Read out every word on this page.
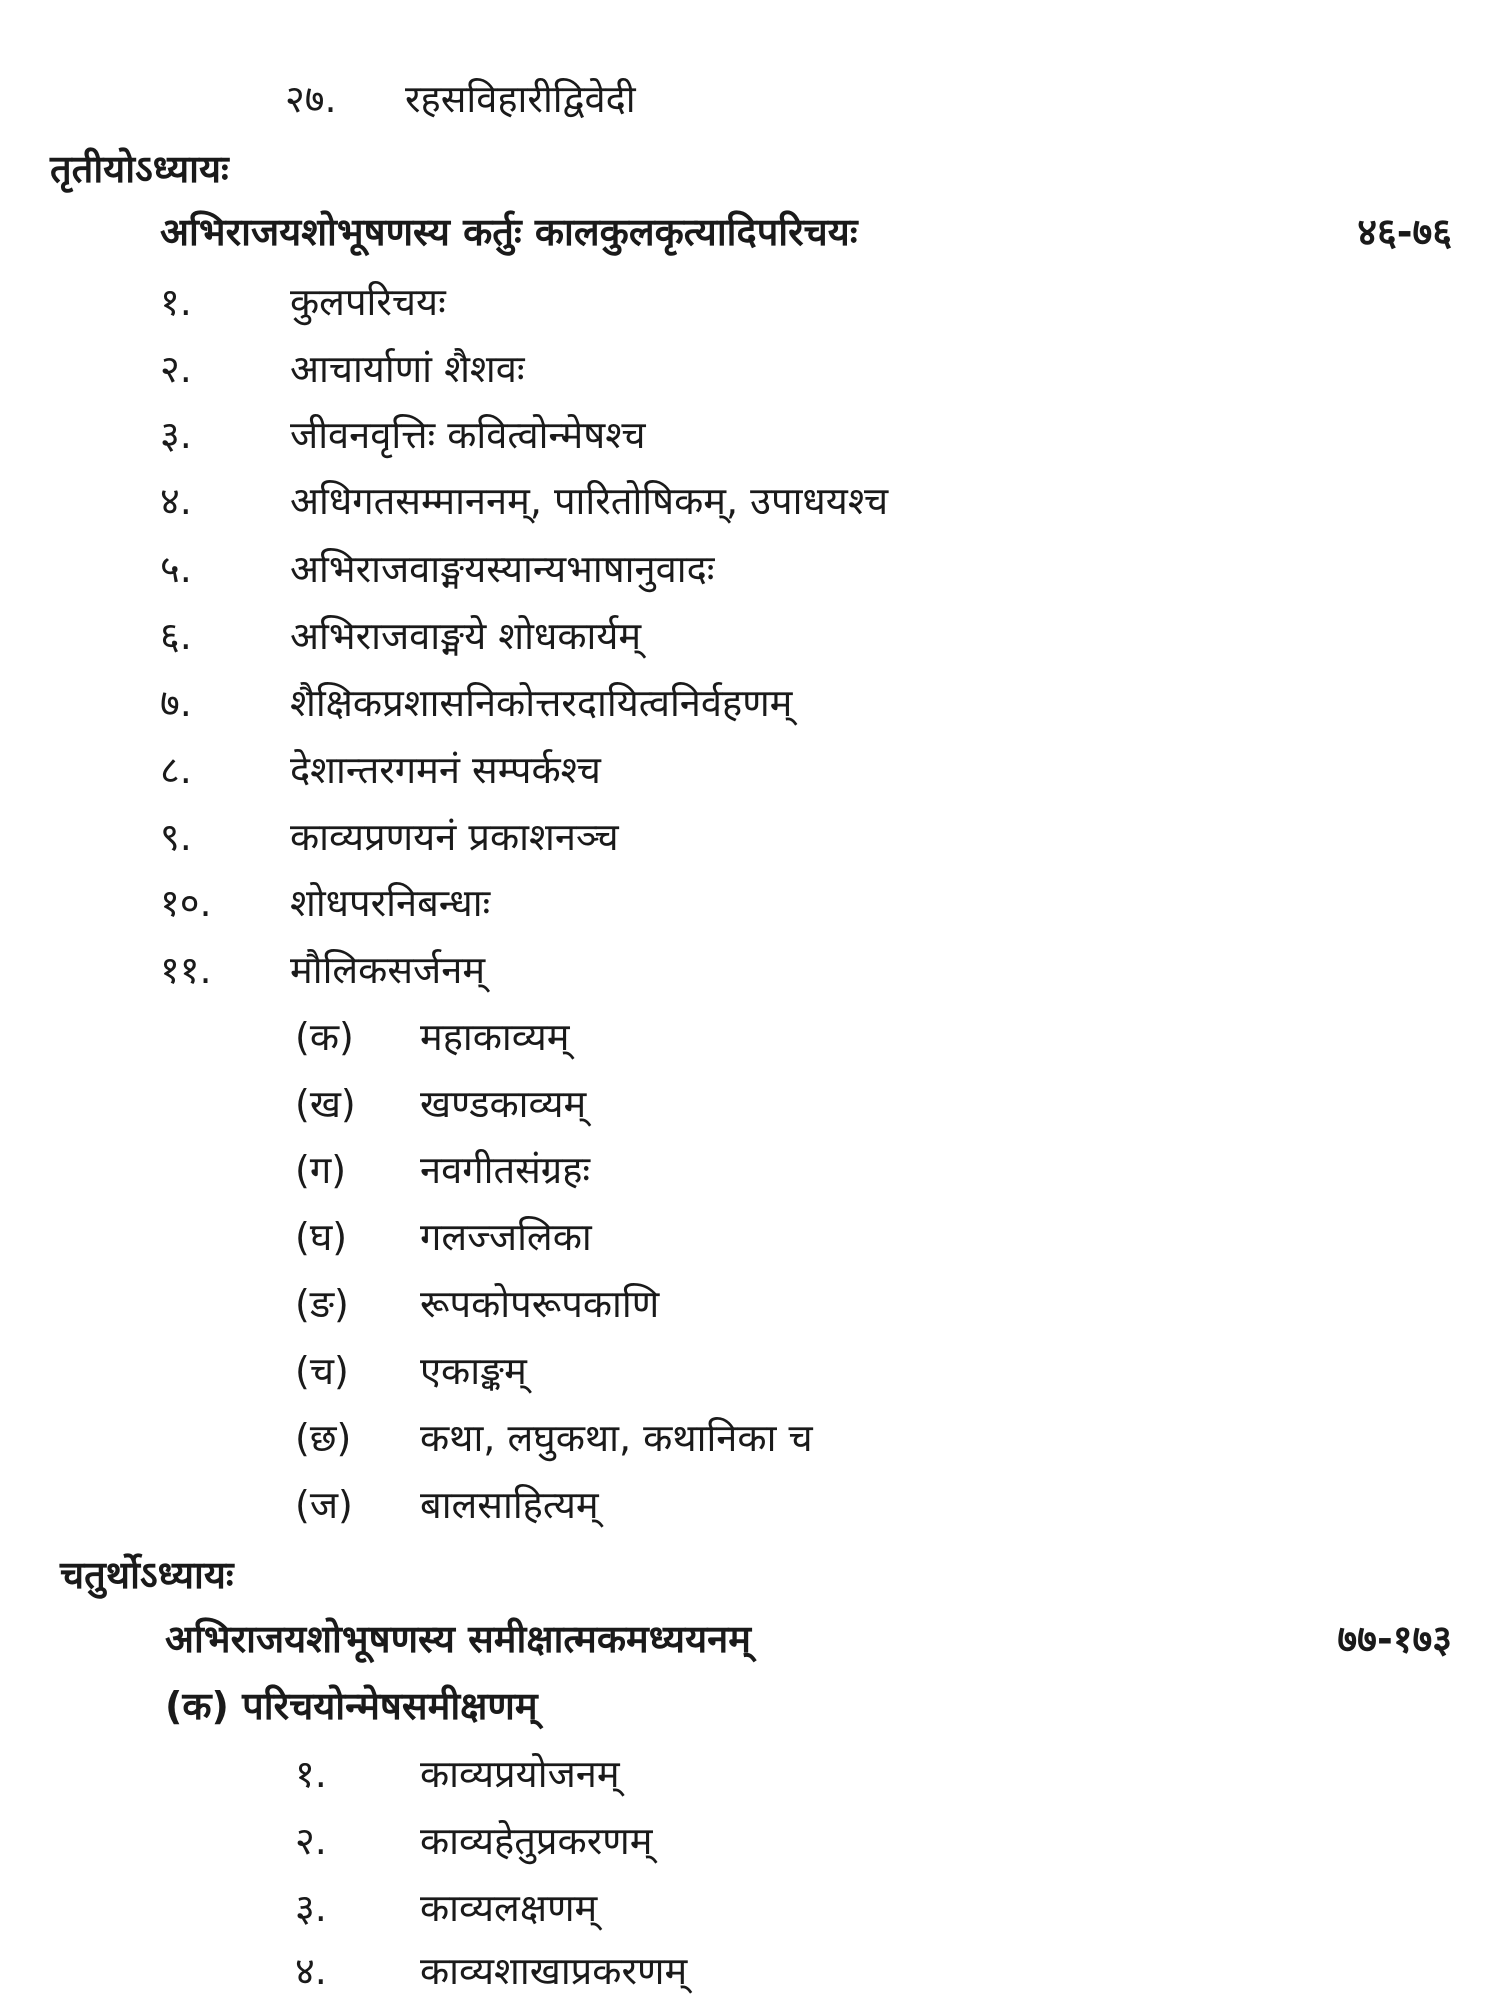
२७. रहसविहारीद्विवेदी
तृतीयोऽध्यायः
अभिराजयशोभूषणस्य कर्तुः कालकुलकृत्यादिपरिचयः	४६-७६
१.	कुलपरिचयः
२.	आचार्याणां शैशवः
३.	जीवनवृत्तिः कवित्वोन्मेषश्च
४.	अधिगतसम्माननम्, पारितोषिकम्, उपाधयश्च
५.	अभिराजवाङ्मयस्यान्यभाषानुवादः
६.	अभिराजवाङ्मये शोधकार्यम्
७.	शैक्षिकप्रशासनिकोत्तरदायित्वनिर्वहणम्
८.	देशान्तरगमनं सम्पर्कश्च
९.	काव्यप्रणयनं प्रकाशनञ्च
१०. शोधपरनिबन्धाः
११. मौलिकसर्जनम्
(क) महाकाव्यम्
(ख) खण्डकाव्यम्
(ग) नवगीतसंग्रहः
(घ) गलज्जलिका
(ङ) रूपकोपरूपकाणि
(च) एकाङ्कम्
(छ) कथा, लघुकथा, कथानिका च
(ज) बालसाहित्यम्
चतुर्थोऽध्यायः
अभिराजयशोभूषणस्य समीक्षात्मकमध्ययनम्	७७-१७३
(क) परिचयोन्मेषसमीक्षणम्
१. काव्यप्रयोजनम्
२. काव्यहेतुप्रकरणम्
३. काव्यलक्षणम्
४. काव्यशाखाप्रकरणम्
